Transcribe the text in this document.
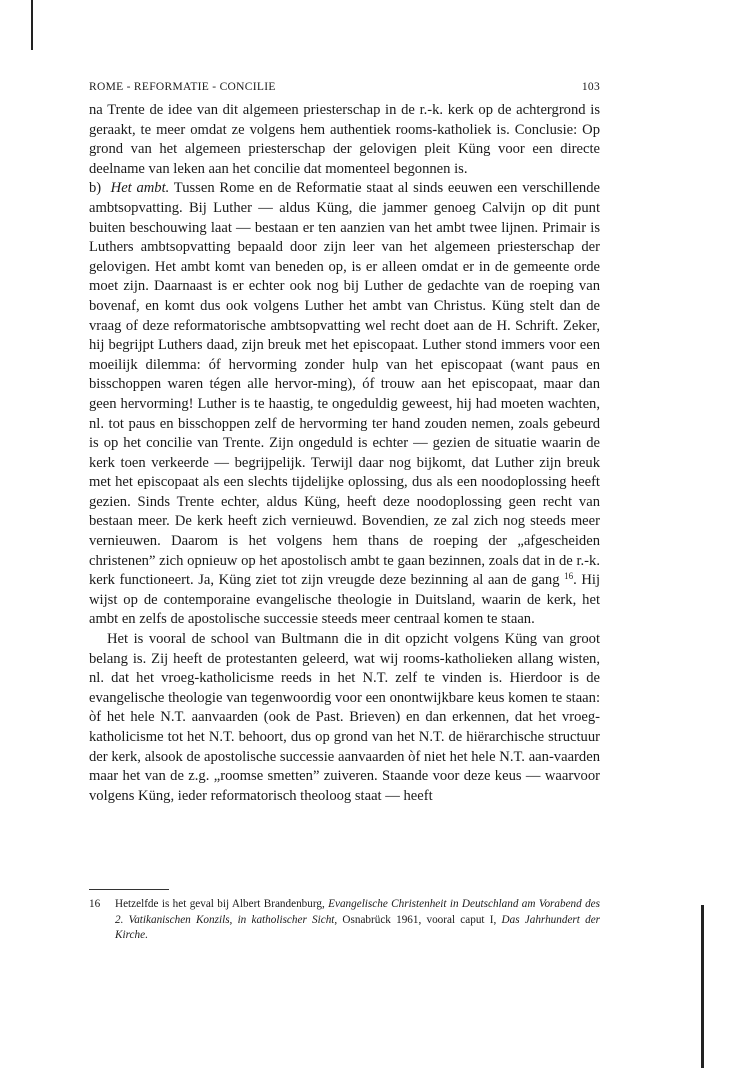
ROME - REFORMATIE - CONCILIE	103

na Trente de idee van dit algemeen priesterschap in de r.-k. kerk op de achtergrond is geraakt, te meer omdat ze volgens hem authentiek rooms-katholiek is. Conclusie: Op grond van het algemeen priesterschap der gelovigen pleit Küng voor een directe deelname van leken aan het concilie dat momenteel begonnen is.

b) Het ambt. Tussen Rome en de Reformatie staat al sinds eeuwen een verschillende ambtsopvatting. Bij Luther — aldus Küng, die jammer genoeg Calvijn op dit punt buiten beschouwing laat — bestaan er ten aanzien van het ambt twee lijnen. Primair is Luthers ambtsopvatting bepaald door zijn leer van het algemeen priesterschap der gelovigen. Het ambt komt van beneden op, is er alleen omdat er in de gemeente orde moet zijn. Daarnaast is er echter ook nog bij Luther de gedachte van de roeping van bovenaf, en komt dus ook volgens Luther het ambt van Christus. Küng stelt dan de vraag of deze reformatorische ambtsopvatting wel recht doet aan de H. Schrift. Zeker, hij begrijpt Luthers daad, zijn breuk met het episcopaat. Luther stond immers voor een moeilijk dilemma: óf hervorming zonder hulp van het episcopaat (want paus en bisschoppen waren tégen alle hervor-ming), óf trouw aan het episcopaat, maar dan geen hervorming! Luther is te haastig, te ongeduldig geweest, hij had moeten wachten, nl. tot paus en bisschoppen zelf de hervorming ter hand zouden nemen, zoals gebeurd is op het concilie van Trente. Zijn ongeduld is echter — gezien de situatie waarin de kerk toen verkeerde — begrijpelijk. Terwijl daar nog bijkomt, dat Luther zijn breuk met het episcopaat als een slechts tijdelijke oplossing, dus als een noodoplossing heeft gezien. Sinds Trente echter, aldus Küng, heeft deze noodoplossing geen recht van bestaan meer. De kerk heeft zich vernieuwd. Bovendien, ze zal zich nog steeds meer vernieuwen. Daarom is het volgens hem thans de roeping der „afgescheiden christenen” zich opnieuw op het apostolisch ambt te gaan bezinnen, zoals dat in de r.-k. kerk functioneert. Ja, Küng ziet tot zijn vreugde deze bezinning al aan de gang $^{16}$. Hij wijst op de contemporaine evangelische theologie in Duitsland, waarin de kerk, het ambt en zelfs de apostolische successie steeds meer centraal komen te staan.

Het is vooral de school van Bultmann die in dit opzicht volgens Küng van groot belang is. Zij heeft de protestanten geleerd, wat wij rooms-katholieken allang wisten, nl. dat het vroeg-katholicisme reeds in het N.T. zelf te vinden is. Hierdoor is de evangelische theologie van tegenwoordig voor een onontwijkbare keus komen te staan: òf het hele N.T. aanvaarden (ook de Past. Brieven) en dan erkennen, dat het vroeg-katholicisme tot het N.T. behoort, dus op grond van het N.T. de hiërarchische structuur der kerk, alsook de apostolische successie aanvaarden òf niet het hele N.T. aan-vaarden maar het van de z.g. „roomse smetten” zuiveren. Staande voor deze keus — waarvoor volgens Küng, ieder reformatorisch theoloog staat — heeft

16	Hetzelfde is het geval bij Albert Brandenburg, Evangelische Christenheit in Deutschland am Vorabend des 2. Vatikanischen Konzils, in katholischer Sicht, Osnabrück 1961, vooral caput I, Das Jahrhundert der Kirche.
